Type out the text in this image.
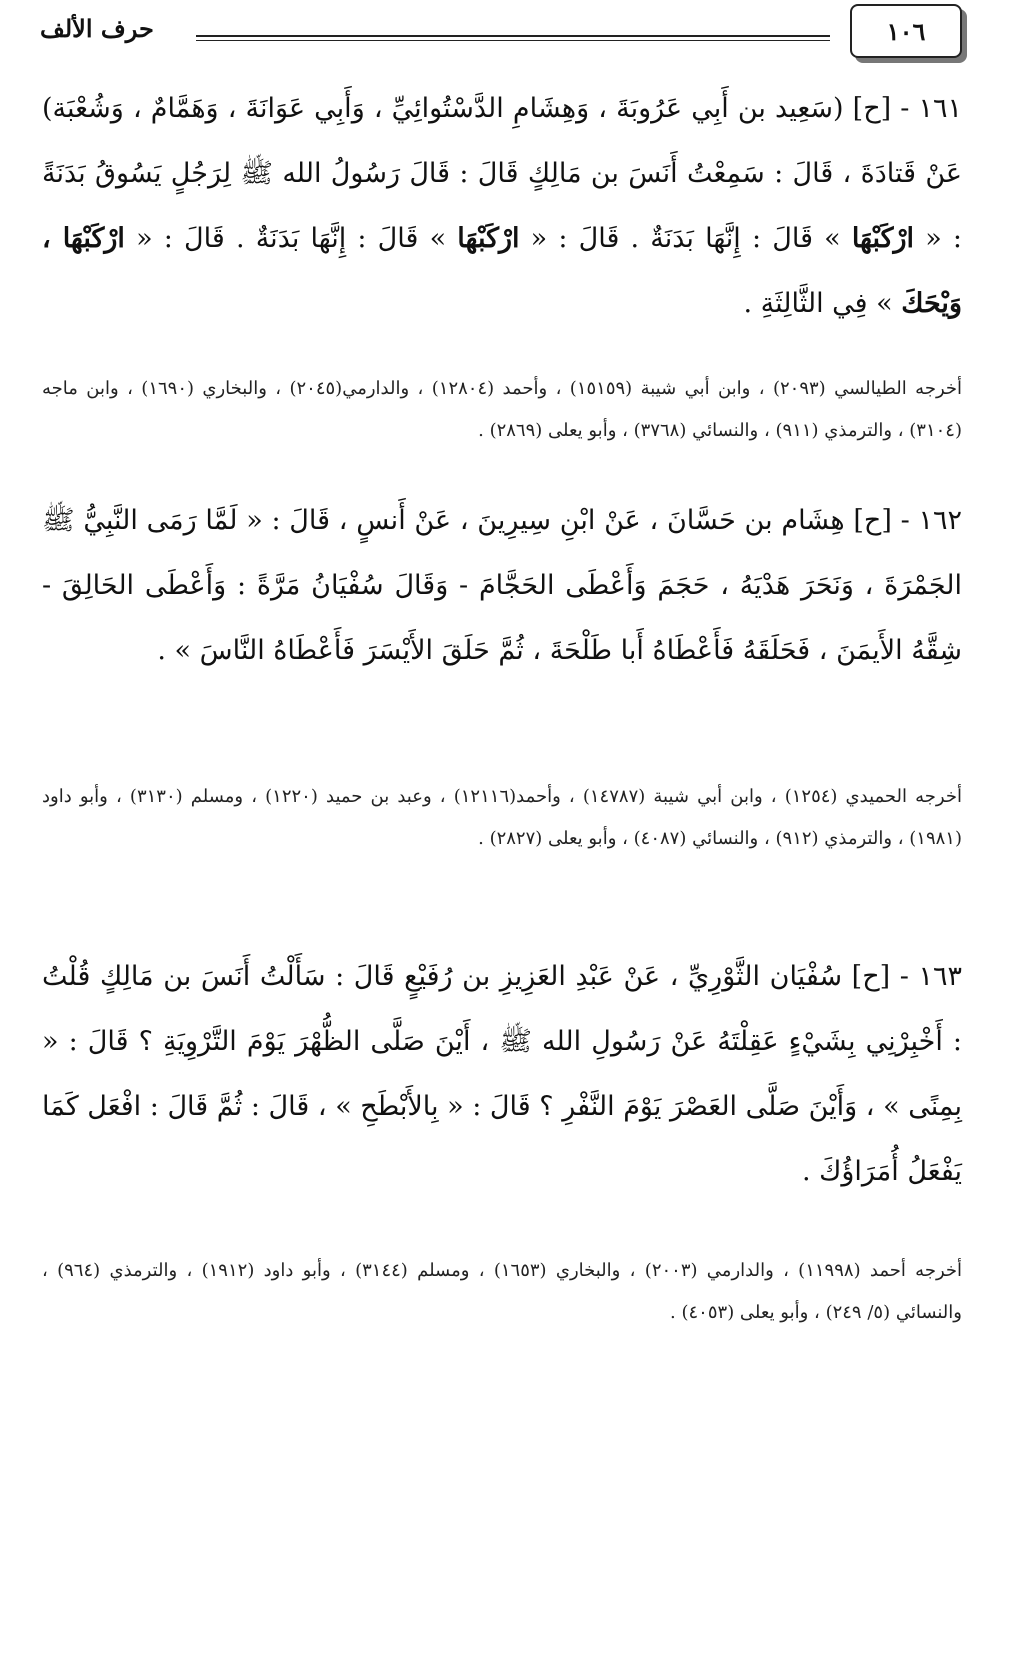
١٠٦
حرف الألف
١٦١ - [ح] (سَعِيد بن أَبِي عَرُوبَةَ ، وَهِشَامِ الدَّسْتُوائِيِّ ، وَأَبِي عَوَانَةَ ، وَهَمَّامٌ ، وَشُعْبَة) عَنْ قَتادَةَ ، قَالَ : سَمِعْتُ أَنَسَ بن مَالِكٍ قَالَ : قَالَ رَسُولُ الله ﷺ لِرَجُلٍ يَسُوقُ بَدَنَةً : « ارْكَبْهَا » قَالَ : إِنَّهَا بَدَنَةٌ . قَالَ : « ارْكَبْهَا » قَالَ : إِنَّهَا بَدَنَةٌ . قَالَ : « ارْكَبْهَا ، وَيْحَكَ » فِي الثَّالِثَةِ .
أخرجه الطيالسي (٢٠٩٣) ، وابن أبي شيبة (١٥١٥٩) ، وأحمد (١٢٨٠٤) ، والدارمي(٢٠٤٥) ، والبخاري (١٦٩٠) ، وابن ماجه (٣١٠٤) ، والترمذي (٩١١) ، والنسائي (٣٧٦٨) ، وأبو يعلى (٢٨٦٩) .
١٦٢ - [ح] هِشَام بن حَسَّانَ ، عَنْ ابْنِ سِيرِينَ ، عَنْ أَنسٍ ، قَالَ : « لَمَّا رَمَى النَّبِيُّ ﷺ الجَمْرَةَ ، وَنَحَرَ هَدْيَهُ ، حَجَمَ وَأَعْطَى الحَجَّامَ - وَقَالَ سُفْيَانُ مَرَّةً : وَأَعْطَى الحَالِقَ - شِقَّهُ الأَيمَنَ ، فَحَلَقَهُ فَأَعْطَاهُ أَبا طَلْحَةَ ، ثُمَّ حَلَقَ الأَيْسَرَ فَأَعْطَاهُ النَّاسَ » .
أخرجه الحميدي (١٢٥٤) ، وابن أبي شيبة (١٤٧٨٧) ، وأحمد(١٢١١٦) ، وعبد بن حميد (١٢٢٠) ، ومسلم (٣١٣٠) ، وأبو داود (١٩٨١) ، والترمذي (٩١٢) ، والنسائي (٤٠٨٧) ، وأبو يعلى (٢٨٢٧) .
١٦٣ - [ح] سُفْيَان الثَّوْرِيِّ ، عَنْ عَبْدِ العَزِيزِ بن رُفَيْعٍ قَالَ : سَأَلْتُ أَنَسَ بن مَالِكٍ قُلْتُ : أَخْبِرْنِي بِشَيْءٍ عَقِلْتَهُ عَنْ رَسُولِ الله ﷺ ، أَيْنَ صَلَّى الظُّهْرَ يَوْمَ التَّرْوِيَةِ ؟ قَالَ : « بِمِنًى » ، وَأَيْنَ صَلَّى العَصْرَ يَوْمَ النَّفْرِ ؟ قَالَ : « بِالأَبْطَحِ » ، قَالَ : ثُمَّ قَالَ : افْعَل كَمَا يَفْعَلُ أُمَرَاؤُكَ .
أخرجه أحمد (١١٩٩٨) ، والدارمي (٢٠٠٣) ، والبخاري (١٦٥٣) ، ومسلم (٣١٤٤) ، وأبو داود (١٩١٢) ، والترمذي (٩٦٤) ، والنسائي (٥/ ٢٤٩) ، وأبو يعلى (٤٠٥٣) .
